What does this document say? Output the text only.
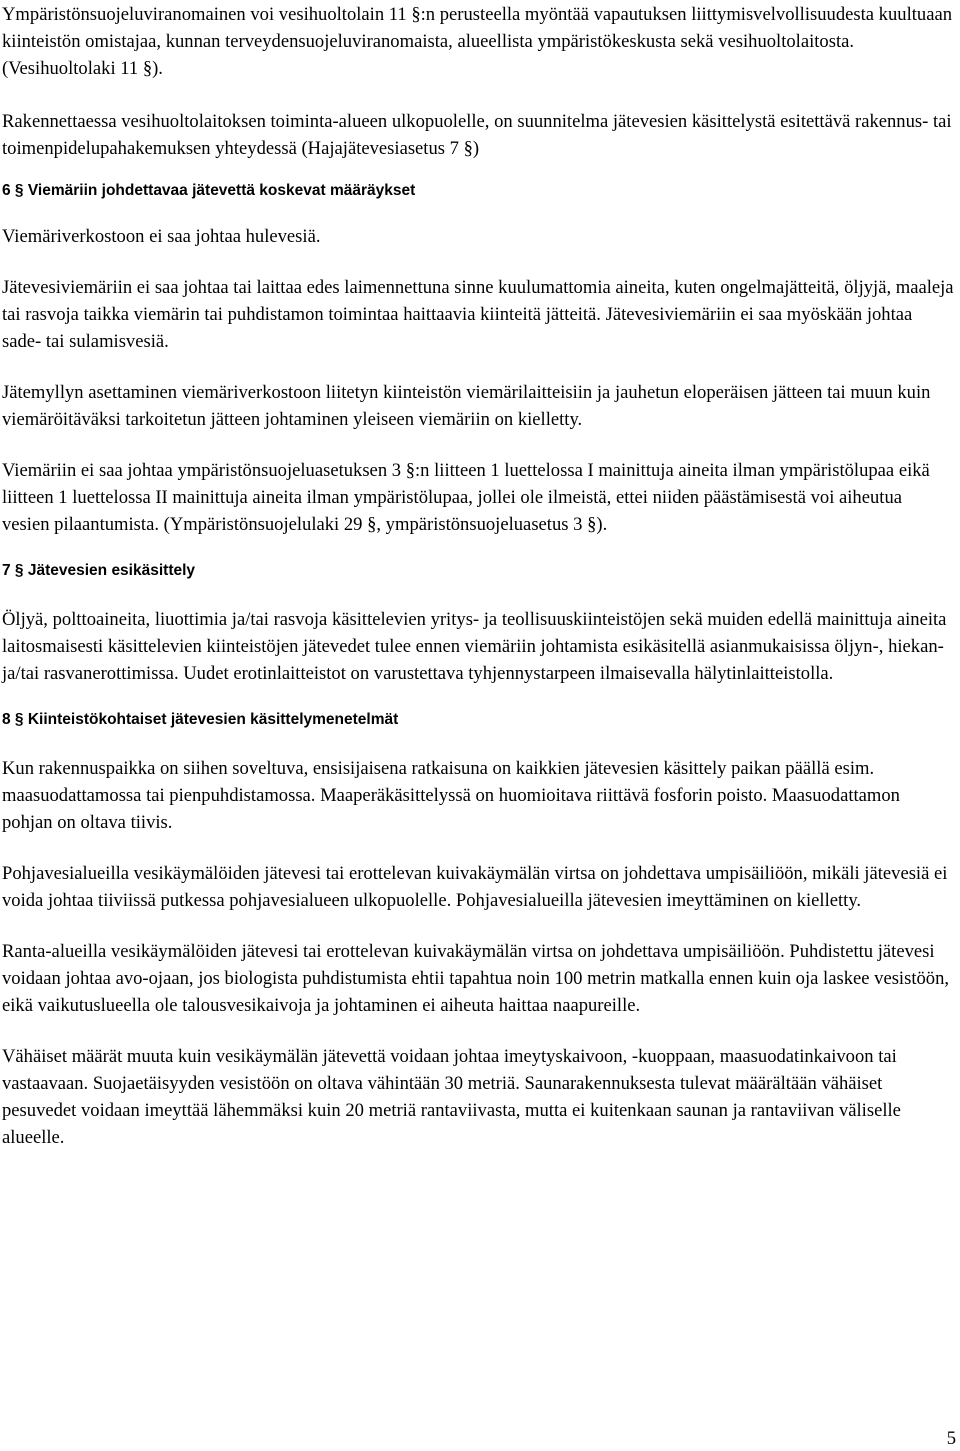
Ympäristönsuojeluviranomainen voi vesihuoltolain 11 §:n perusteella myöntää vapautuksen liittymisvelvollisuudesta kuultuaan kiinteistön omistajaa, kunnan terveydensuojeluviranomaista, alueellista ympäristökeskusta sekä vesihuoltolaitosta. (Vesihuoltolaki 11 §).

Rakennettaessa vesihuoltolaitoksen toiminta-alueen ulkopuolelle, on suunnitelma jätevesien käsittelystä esitettävä rakennus- tai toimenpidelupahakemuksen yhteydessä (Hajajätevesiasetus 7 §)

6 § Viemäriin johdettavaa jätevettä koskevat määräykset

Viemäriverkostoon ei saa johtaa hulevesiä.

Jätevesiviemäriin ei saa johtaa tai laittaa edes laimennettuna sinne kuulumattomia aineita, kuten ongelmajätteitä, öljyjä, maaleja tai rasvoja taikka viemärin tai puhdistamon toimintaa haittaavia kiinteitä jätteitä. Jätevesiviemäriin ei saa myöskään johtaa sade- tai sulamisvesiä.

Jätemyllyn asettaminen viemäriverkostoon liitetyn kiinteistön viemärilaitteisiin ja jauhetun eloperäisen jätteen tai muun kuin viemäröitäväksi tarkoitetun jätteen johtaminen yleiseen viemäriin on kielletty.

Viemäriin ei saa johtaa ympäristönsuojeluasetuksen 3 §:n liitteen 1 luettelossa I mainittuja aineita ilman ympäristölupaa eikä liitteen 1 luettelossa II mainittuja aineita ilman ympäristölupaa, jollei ole ilmeistä, ettei niiden päästämisestä voi aiheutua vesien pilaantumista. (Ympäristönsuojelulaki 29 §, ympäristönsuojeluasetus 3 §).

7 § Jätevesien esikäsittely

Öljyä, polttoaineita, liuottimia ja/tai rasvoja käsittelevien yritys- ja teollisuuskiinteistöjen sekä muiden edellä mainittuja aineita laitosmaisesti käsittelevien kiinteistöjen jätevedet tulee ennen viemäriin johtamista esikäsitellä asianmukaisissa öljyn-, hiekan- ja/tai rasvanerottimissa. Uudet erotinlaitteistot on varustettava tyhjennystarpeen ilmaisevalla hälytinlaitteistolla.

8 § Kiinteistökohtaiset jätevesien käsittelymenetelmät

Kun rakennuspaikka on siihen soveltuva, ensisijaisena ratkaisuna on kaikkien jätevesien käsittely paikan päällä esim. maasuodattamossa tai pienpuhdistamossa. Maaperäkäsittelyssä on huomioitava riittävä fosforin poisto. Maasuodattamon pohjan on oltava tiivis.

Pohjavesialueilla vesikäymälöiden jätevesi tai erottelevan kuivakäymälän virtsa on johdettava umpisäiliöön, mikäli jätevesiä ei voida johtaa tiiviissä putkessa pohjavesialueen ulkopuolelle. Pohjavesialueilla jätevesien imeyttäminen on kielletty.

Ranta-alueilla vesikäymälöiden jätevesi tai erottelevan kuivakäymälän virtsa on johdettava umpisäiliöön. Puhdistettu jätevesi voidaan johtaa avo-ojaan, jos biologista puhdistumista ehtii tapahtua noin 100 metrin matkalla ennen kuin oja laskee vesistöön, eikä vaikutuslueella ole talousvesikaivoja ja johtaminen ei aiheuta haittaa naapureille.

Vähäiset määrät muuta kuin vesikäymälän jätevettä voidaan johtaa imeytyskaivoon, -kuoppaan, maasuodatinkaivoon tai vastaavaan. Suojaetäisyyden vesistöön on oltava vähintään 30 metriä. Saunarakennuksesta tulevat määrältään vähäiset pesuvedet voidaan imeyttää lähemmäksi kuin 20 metriä rantaviivasta, mutta ei kuitenkaan saunan ja rantaviivan väliselle alueelle.

5
